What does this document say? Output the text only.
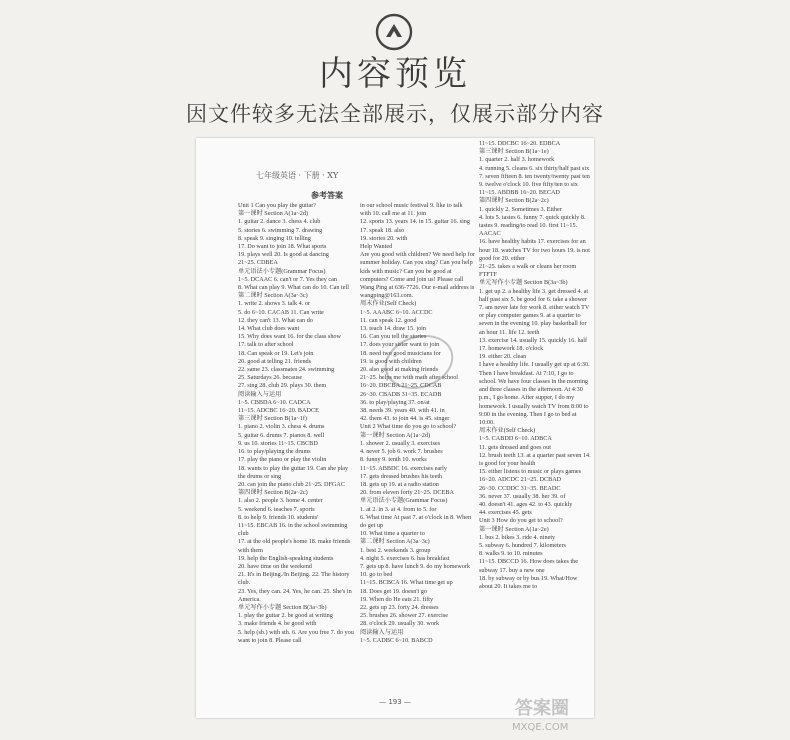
内容预览
因文件较多无法全部展示，仅展示部分内容
七年级英语 · 下册 · XY
参考答案
Unit 1 Can you play the guitar?
第一课时 Section A(1a~2d)
1. guitar 2. dance 3. chess 4. club
5. stories 6. swimming 7. drawing
8. speak 9. singing 10. telling
17. Do want to join 18. What sports
19. plays well 20. Is good at dancing
21~25. CDBEA
单元语法小专题(Grammar Focus)
1~5. DCAAC 6. can't or 7. Yes they can
8. What can play 9. What can do 10. Can tell
第二课时 Section A(3a~3c)
1. write 2. shows 3. talk 4. or
5. do 6~10. CACAB 11. Can write
12. they can't 13. What can do
14. What club does want
15. Why does want 16. for the class show
17. talk to after school
18. Can speak or 19. Let's join
20. good at telling 21. friends
22. same 23. classmates 24. swimming
25. Saturdays 26. because
27. sing 28. club 29. plays 30. them
阅读输入与运用
1~5. CBBDA 6~10. CADCA
11~15. ADCBC 16~20. BADCE
第三课时 Section B(1a~1f)
1. piano 2. violin 3. chess 4. drums
5. guitar 6. drums 7. pianos 8. well
9. us 10. stories 11~15. CBCBD
16. to play/playing the drums
17. play the piano or play the violin
18. wants to play the guitar 19. Can she play the drums or sing
20. can join the piano club 21~25. DFGAC
第四课时 Section B(2a~2c)
1. also 2. people 3. home 4. center
5. weekend 6. teaches 7. sports
8. to help 9. friends 10. students'
11~15. EBCAB 16. in the school swimming club
17. at the old people's home 18. make friends with them
19. help the English-speaking students
20. have time on the weekend
21. It's in Beijing./In Beijing. 22. The history club.
23. Yes, they can. 24. Yes, he can. 25. She's in America.
单元写作小专题 Section B(3a~3b)
1. play the guitar 2. be good at writing
3. make friends 4. be good with
5. help (sb.) with sth. 6. Are you free 7. do you want to join 8. Please call
in our school music festival 9. like to talk with 10. call me at 11. join
12. sports 13. years 14. in 15. guitar 16. sing 17. speak 18. also
19. stories 20. with
Help Wanted
Are you good with children? We need help for summer holiday. Can you sing? Can you help kids with music? Can you be good at computers? Come and join us! Please call Wang Ping at 636-7726. Our e-mail address is wangping@163.com.
周末作业(Self Check)
1~5. AAABC 6~10. ACCDC
11. can speak 12. good
13. teach 14. draw 15. join
16. Can you tell the stories
17. does your sister want to join
18. need two good musicians for
19. is good with children
20. also good at making friends
21~25. helps me with math after school
16~20. DBCBA 21~25. CDCAB
26~30. CBADB 31~35. ECADB
36. to play/playing 37. on/at
38. needs 39. years 40. with 41. in
42. them 43. to join 44. is 45. singer
Unit 2 What time do you go to school?
第一课时 Section A(1a~2d)
1. shower 2. usually 3. exercises
4. never 5. job 6. work 7. brushes
8. funny 9. tenth 10. works
11~15. ABBDC 16. exercises early
17. gets dressed brushes his teeth
18. gets up 19. at a radio station
20. from eleven forty 21~25. DCEBA
单元语法小专题(Grammar Focus)
1. at 2. in 3. at 4. from to 5. for
6. What time At past 7. at o'clock in 8. When do get up
10. What time a quarter to
第二课时 Section A(3a~3c)
1. best 2. weekends 3. group
4. night 5. exercises 6. has breakfast
7. gets up 8. have lunch 9. do my homework 10. go to bed
11~15. BCBCA 16. What time get up
18. Does get 19. doesn't go
19. When do He eats 21. fifty
22. gets up 23. forty 24. dresses
25. brushes 26. shower 27. exercise
28. o'clock 29. usually 30. work
阅读输入与运用
1~5. CADBC 6~10. BABCD
11~15. DDCBC 16~20. EDBCA
第三课时 Section B(1a~1e)
1. quarter 2. half 3. homework
4. running 5. cleans 6. six thirty/half past six 7. seven fifteen 8. ten twenty/twenty past ten 9. twelve o'clock 10. five fifty/ten to six
11~15. ABDBB 16~20. BECAD
第四课时 Section B(2a~2c)
1. quickly 2. Sometimes 3. Either
4. lots 5. tastes 6. funny 7. quick quickly 8. tastes 9. reading/to read 10. first 11~15. AACAC
16. have healthy habits 17. exercises for an hour 18. watches TV for two hours 19. is not good for 20. either
21~25. takes a walk or cleans her room FTFTF
单元写作小专题 Section B(3a~3b)
1. get up 2. a healthy life 3. get dressed 4. at half past six 5. be good for 6. take a shower 7. am never late for work 8. either watch TV or play computer games 9. at a quarter to seven in the evening 10. play basketball for an hour 11. life 12. teeth
13. exercise 14. usually 15. quickly 16. half 17. homework 18. o'clock
19. either 20. clean
I have a healthy life. I usually get up at 6:30. Then I have breakfast. At 7:10, I go to school. We have four classes in the morning and three classes in the afternoon. At 4:30 p.m., I go home. After supper, I do my homework. I usually watch TV from 8:00 to 9:00 in the evening. Then I go to bed at 10:00.
周末作业(Self Check)
1~5. CABDD 6~10. ADBCA
11. gets dressed and goes out
12. brush teeth 13. at a quarter past seven 14. is good for your health
15. either listens to music or plays games
16~20. ADCDC 21~25. DCBAD
26~30. CCDDC 31~35. BEADC
36. never 37. usually 38. her 39. of
40. doesn't 41. ages 42. to 43. quickly
44. exercises 45. gets
Unit 3 How do you get to school?
第一课时 Section A(1a~2e)
1. bus 2. bikes 3. ride 4. ninety
5. subway 6. hundred 7. kilometers
8. walks 9. to 10. minutes
11~15. DBCCD 16. How does takes the subway 17. buy a new one
18. by subway or by bus 19. What/How about 20. It takes me to
— 193 —	答案圈
MXQE.COM
